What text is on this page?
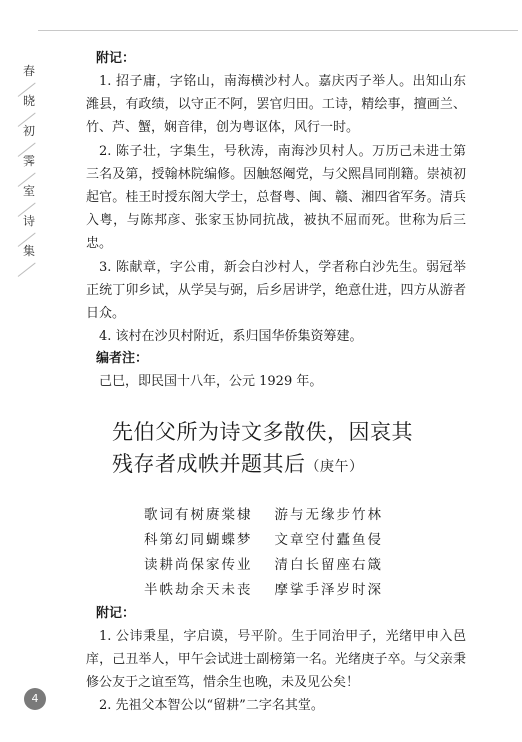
春
晓
初
霁
室
诗
集
附记：

1. 招子庸，字铭山，南海横沙村人。嘉庆丙子举人。出知山东潍县，有政绩，以守正不阿，罢官归田。工诗，精绘事，擅画兰、竹、芦、蟹，娴音律，创为粤讴体，风行一时。

2. 陈子壮，字集生，号秋涛，南海沙贝村人。万历己未进士第三名及第，授翰林院编修。因触怒阉党，与父熙昌同削籍。崇祯初起官。桂王时授东阁大学士，总督粤、闽、赣、湘四省军务。清兵入粤，与陈邦彦、张家玉协同抗战，被执不屈而死。世称为后三忠。

3. 陈献章，字公甫，新会白沙村人，学者称白沙先生。弱冠举正统丁卯乡试，从学吴与弼，后乡居讲学，绝意仕进，四方从游者日众。

4. 该村在沙贝村附近，系归国华侨集资筹建。

编者注：

己巳，即民国十八年，公元 1929 年。

先伯父所为诗文多散佚，因哀其
残存者成帙并题其后（庚午）
歌词有树赓棠棣 游与无缘步竹林
科第幻同蝴蝶梦 文章空付蠹鱼侵
读耕尚保家传业 清白长留座右箴
半帙劫余天未丧 摩挲手泽岁时深
附记：

1. 公讳秉星，字启谟，号平阶。生于同治甲子，光绪甲申入邑庠，己丑举人，甲午会试进士副榜第一名。光绪庚子卒。与父亲秉修公友于之谊至笃，惜余生也晚，未及见公矣！

2. 先祖父本智公以“留耕”二字名其堂。

4
